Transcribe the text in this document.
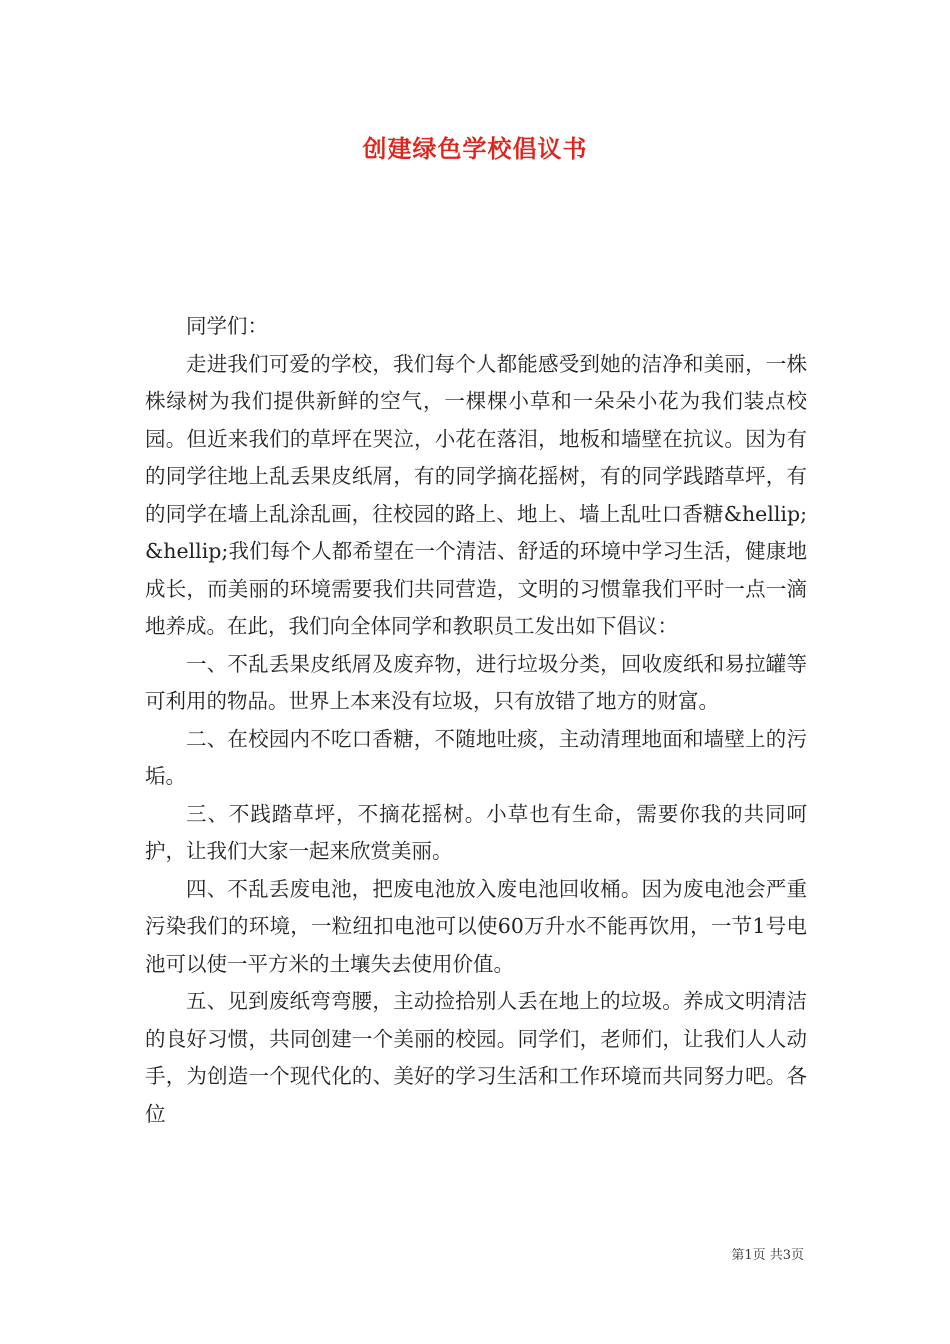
创建绿色学校倡议书

同学们：

走进我们可爱的学校，我们每个人都能感受到她的洁净和美丽，一株株绿树为我们提供新鲜的空气，一棵棵小草和一朵朵小花为我们装点校园。但近来我们的草坪在哭泣，小花在落泪，地板和墙壁在抗议。因为有的同学往地上乱丢果皮纸屑，有的同学摘花摇树，有的同学践踏草坪，有的同学在墙上乱涂乱画，往校园的路上、地上、墙上乱吐口香糖&hellip;&hellip;我们每个人都希望在一个清洁、舒适的环境中学习生活，健康地成长，而美丽的环境需要我们共同营造，文明的习惯靠我们平时一点一滴地养成。在此，我们向全体同学和教职员工发出如下倡议：

一、不乱丢果皮纸屑及废弃物，进行垃圾分类，回收废纸和易拉罐等可利用的物品。世界上本来没有垃圾，只有放错了地方的财富。

二、在校园内不吃口香糖，不随地吐痰，主动清理地面和墙壁上的污垢。

三、不践踏草坪，不摘花摇树。小草也有生命，需要你我的共同呵护，让我们大家一起来欣赏美丽。

四、不乱丢废电池，把废电池放入废电池回收桶。因为废电池会严重污染我们的环境，一粒纽扣电池可以使60万升水不能再饮用，一节1号电池可以使一平方米的土壤失去使用价值。

五、见到废纸弯弯腰，主动捡拾别人丢在地上的垃圾。养成文明清洁的良好习惯，共同创建一个美丽的校园。同学们，老师们，让我们人人动手，为创造一个现代化的、美好的学习生活和工作环境而共同努力吧。各位

第1页 共3页
